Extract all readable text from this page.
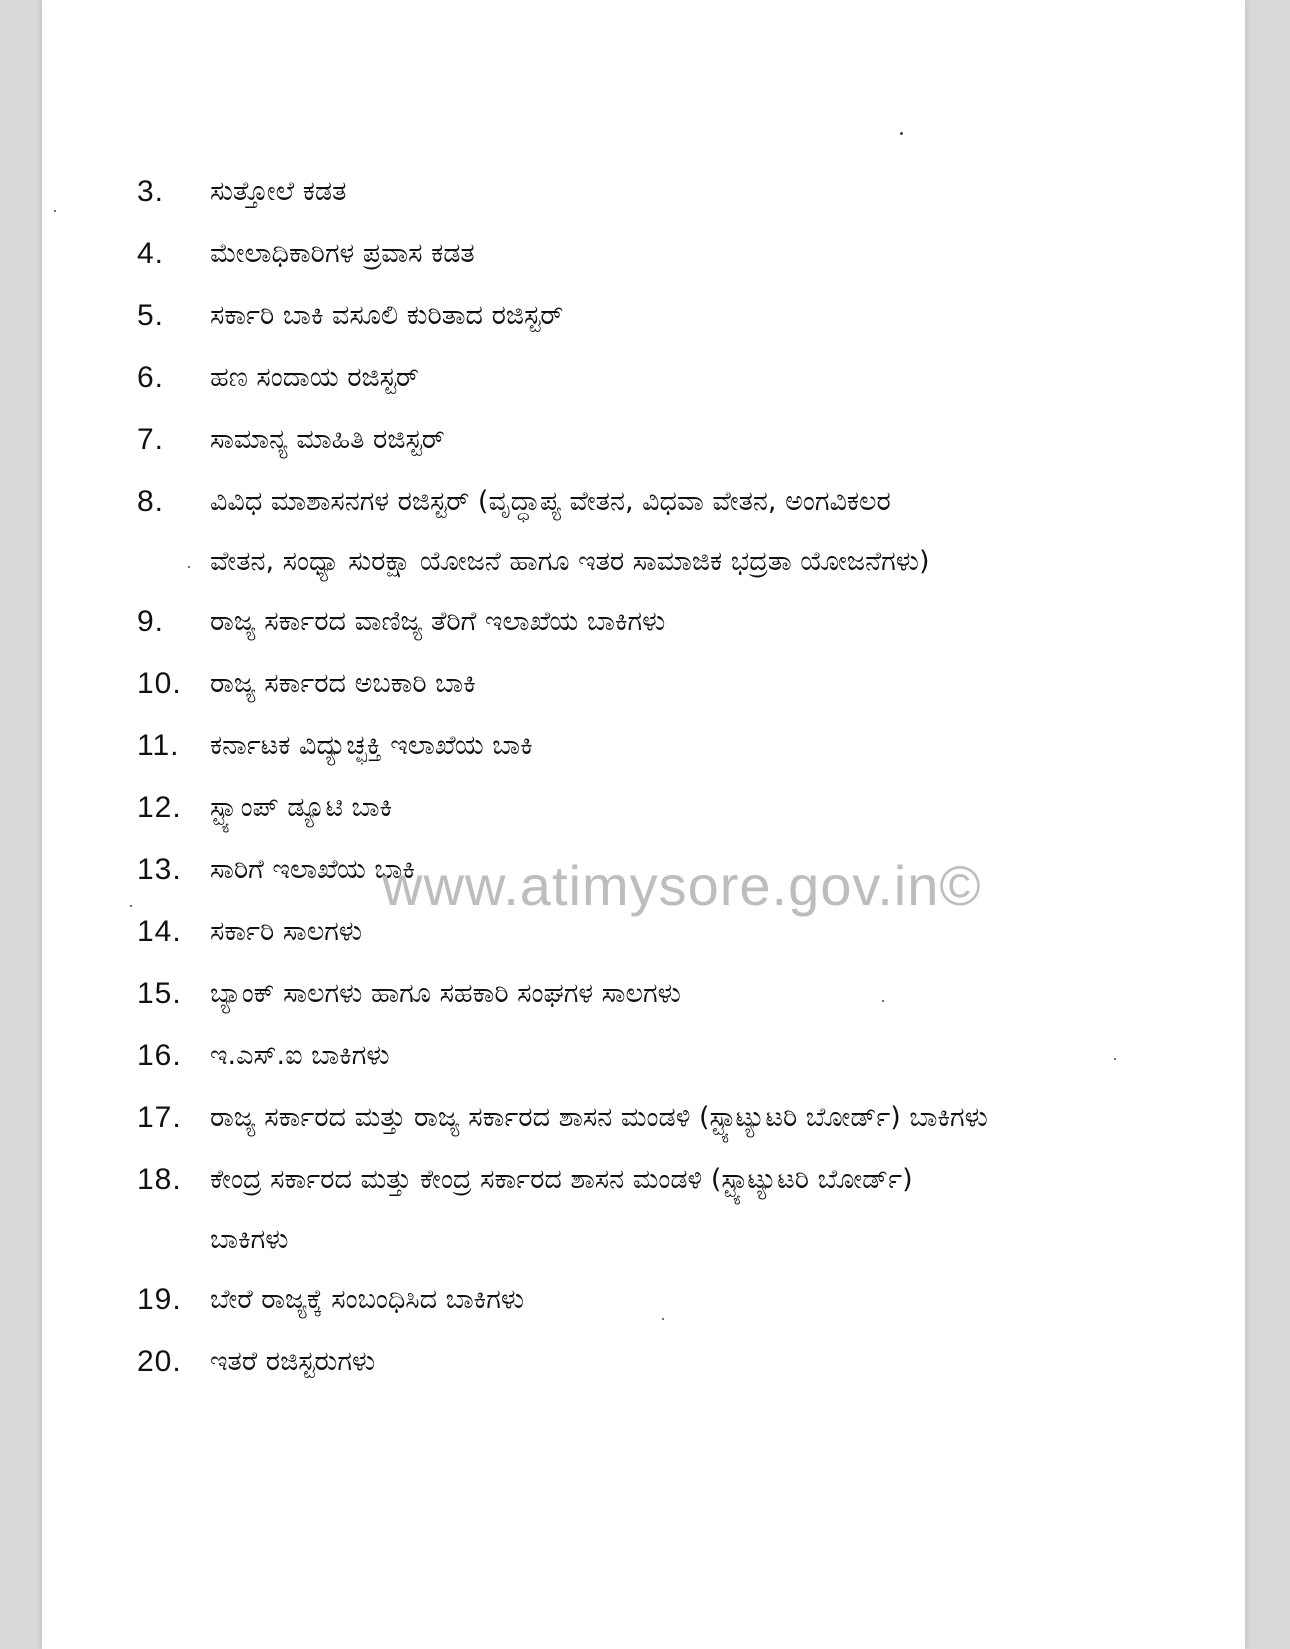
3.	ಸುತ್ತೋಲೆ ಕಡತ
4.	ಮೇಲಾಧಿಕಾರಿಗಳ ಪ್ರವಾಸ ಕಡತ
5.	ಸರ್ಕಾರಿ ಬಾಕಿ ವಸೂಲಿ ಕುರಿತಾದ ರಜಿಸ್ಟರ್
6.	ಹಣ ಸಂದಾಯ ರಜಿಸ್ಟರ್
7.	ಸಾಮಾನ್ಯ ಮಾಹಿತಿ ರಜಿಸ್ಟರ್
8.	ವಿವಿಧ ಮಾಶಾಸನಗಳ ರಜಿಸ್ಟರ್ (ವೃದ್ಧಾಪ್ಯ ವೇತನ, ವಿಧವಾ ವೇತನ, ಅಂಗವಿಕಲರ
ವೇತನ, ಸಂಧ್ಯಾ ಸುರಕ್ಷಾ ಯೋಜನೆ ಹಾಗೂ ಇತರ ಸಾಮಾಜಿಕ ಭದ್ರತಾ ಯೋಜನೆಗಳು)
9.	ರಾಜ್ಯ ಸರ್ಕಾರದ ವಾಣಿಜ್ಯ ತೆರಿಗೆ ಇಲಾಖೆಯ ಬಾಕಿಗಳು
10.	ರಾಜ್ಯ ಸರ್ಕಾರದ ಅಬಕಾರಿ ಬಾಕಿ
11.	ಕರ್ನಾಟಕ ವಿದ್ಯುಚ್ಛಕ್ತಿ ಇಲಾಖೆಯ ಬಾಕಿ
12.	ಸ್ಟ್ಯಾಂಪ್ ಡ್ಯೂಟಿ ಬಾಕಿ
13.	ಸಾರಿಗೆ ಇಲಾಖೆಯ ಬಾಕಿ
14.	ಸರ್ಕಾರಿ ಸಾಲಗಳು
15.	ಬ್ಯಾಂಕ್ ಸಾಲಗಳು ಹಾಗೂ ಸಹಕಾರಿ ಸಂಘಗಳ ಸಾಲಗಳು
16.	ಇ.ಎಸ್.ಐ ಬಾಕಿಗಳು
17.	ರಾಜ್ಯ ಸರ್ಕಾರದ ಮತ್ತು ರಾಜ್ಯ ಸರ್ಕಾರದ ಶಾಸನ ಮಂಡಳಿ (ಸ್ಟ್ಯಾಟ್ಯುಟರಿ ಬೋರ್ಡ್) ಬಾಕಿಗಳು
18.	ಕೇಂದ್ರ ಸರ್ಕಾರದ ಮತ್ತು ಕೇಂದ್ರ ಸರ್ಕಾರದ ಶಾಸನ ಮಂಡಳಿ (ಸ್ಟ್ಯಾಟ್ಯುಟರಿ ಬೋರ್ಡ್)
ಬಾಕಿಗಳು
19.	ಬೇರೆ ರಾಜ್ಯಕ್ಕೆ ಸಂಬಂಧಿಸಿದ ಬಾಕಿಗಳು
20.	ಇತರೆ ರಜಿಸ್ಟರುಗಳು
www.atimysore.gov.in©
